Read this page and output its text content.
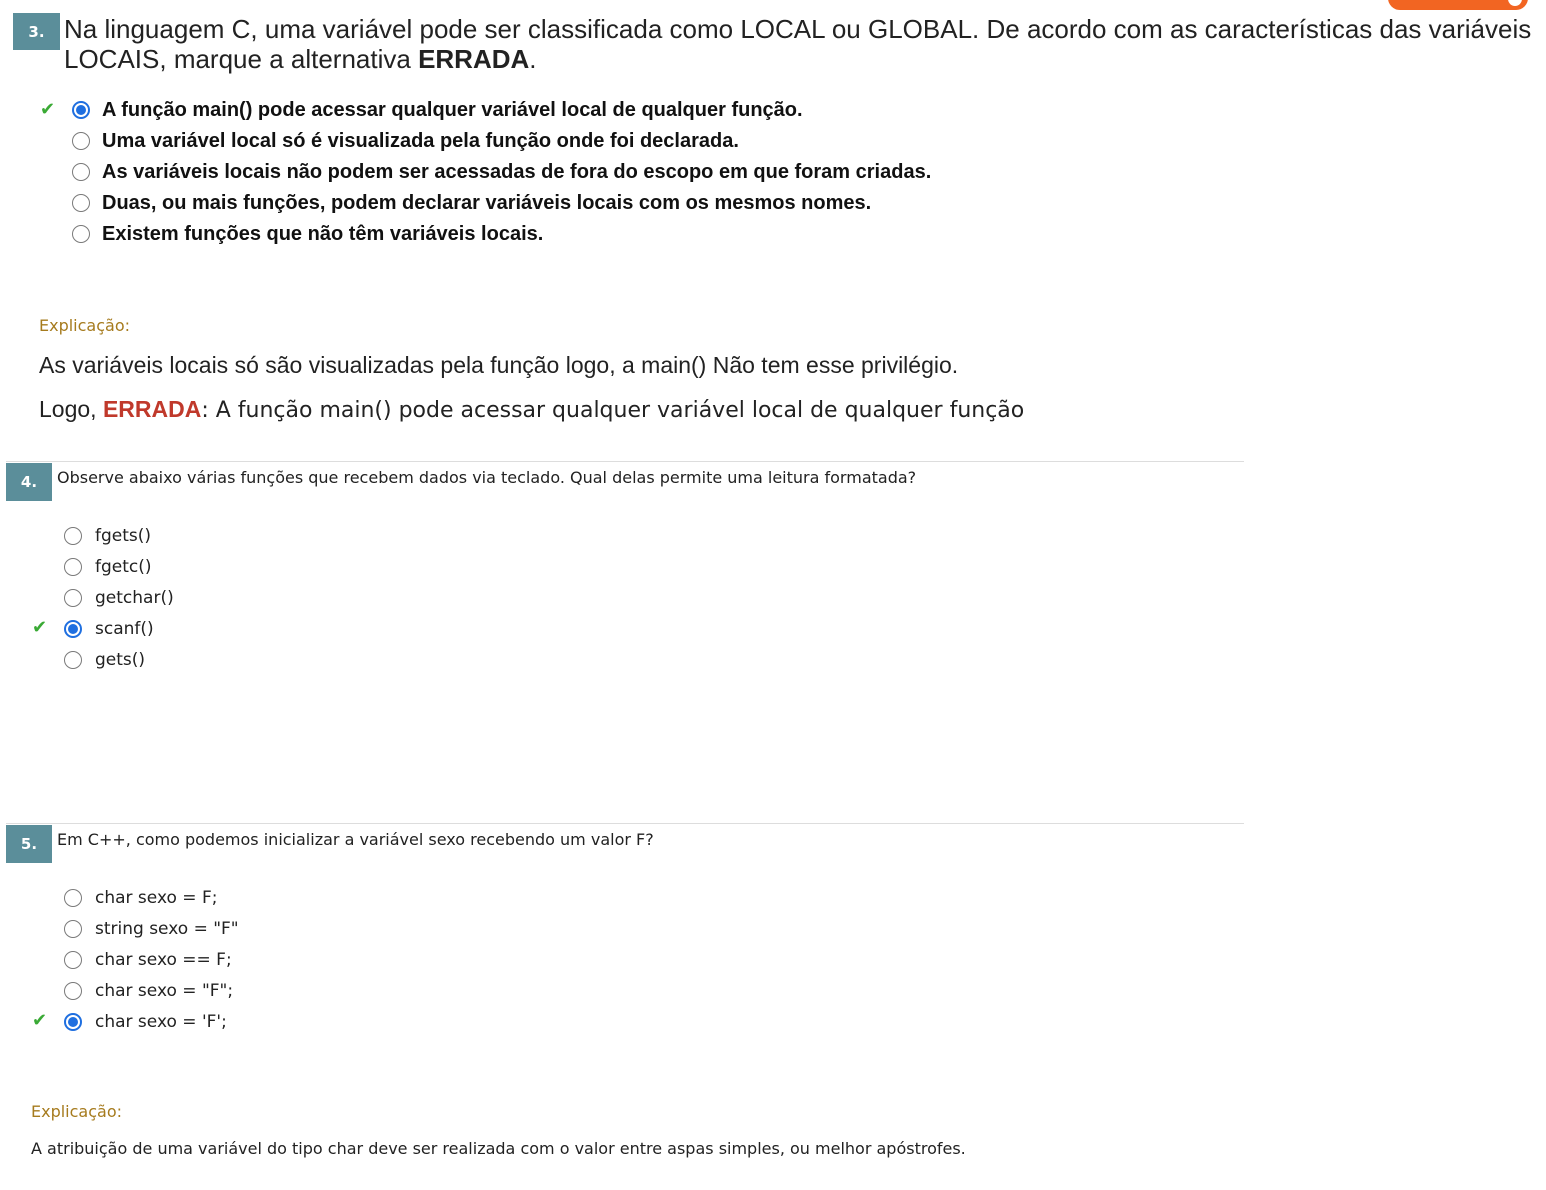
3. Na linguagem C, uma variável pode ser classificada como LOCAL ou GLOBAL. De acordo com as características das variáveis LOCAIS, marque a alternativa ERRADA.
✔ A função main() pode acessar qualquer variável local de qualquer função.
Uma variável local só é visualizada pela função onde foi declarada.
As variáveis locais não podem ser acessadas de fora do escopo em que foram criadas.
Duas, ou mais funções, podem declarar variáveis locais com os mesmos nomes.
Existem funções que não têm variáveis locais.
Explicação:
As variáveis locais só são visualizadas pela função logo, a main() Não tem esse privilégio.
Logo, ERRADA: A função main() pode acessar qualquer variável local de qualquer função
4.	Observe abaixo várias funções que recebem dados via teclado. Qual delas permite uma leitura formatada?
fgets()
fgetc()
getchar()
✔	scanf()
gets()
5.	Em C++, como podemos inicializar a variável sexo recebendo um valor F?
char sexo = F;
string sexo = "F"
char sexo == F;
char sexo = "F";
✔	char sexo = 'F';
Explicação:
A atribuição de uma variável do tipo char deve ser realizada com o valor entre aspas simples, ou melhor apóstrofes.
